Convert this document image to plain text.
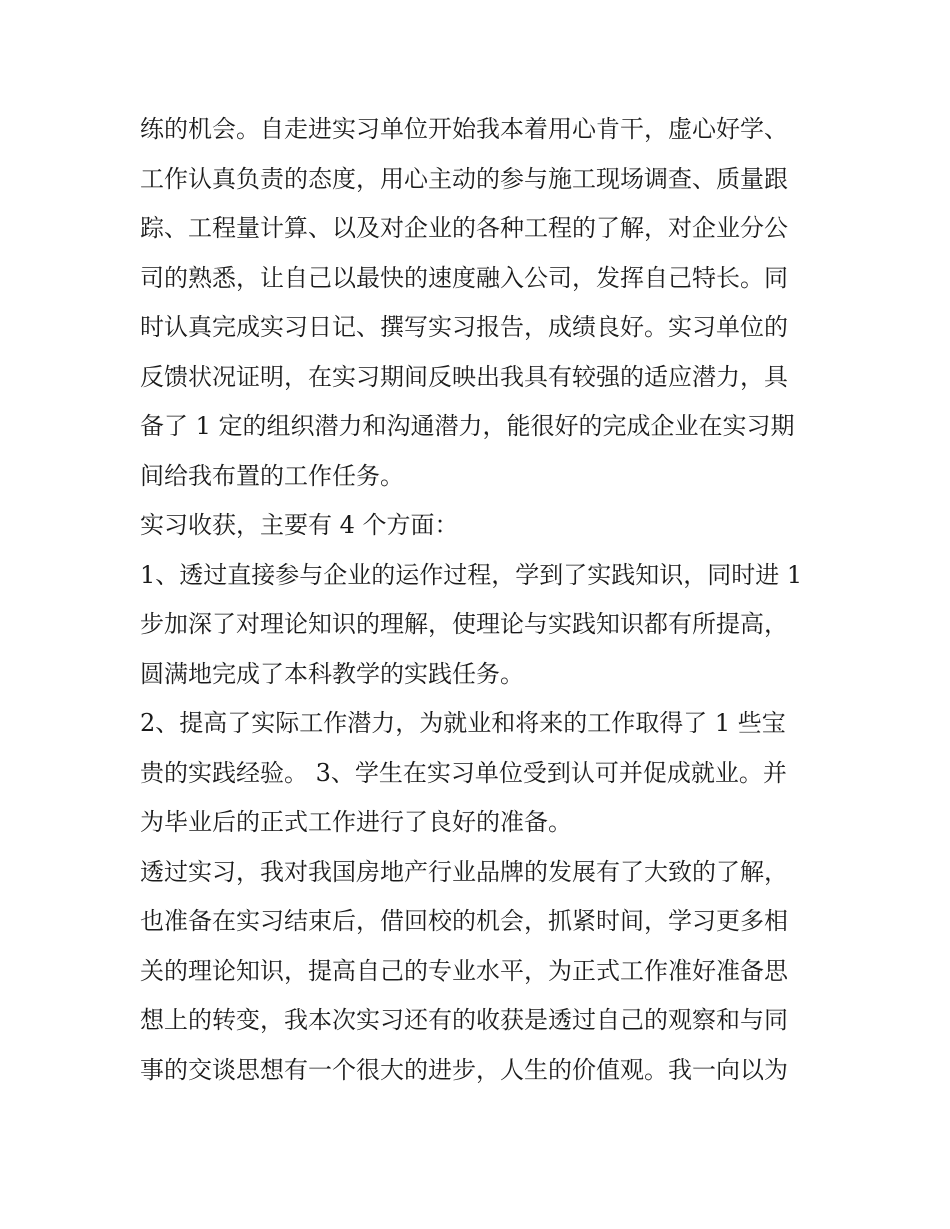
练的机会。自走进实习单位开始我本着用心肯干，虚心好学、
工作认真负责的态度，用心主动的参与施工现场调查、质量跟
踪、工程量计算、以及对企业的各种工程的了解，对企业分公
司的熟悉，让自己以最快的速度融入公司，发挥自己特长。同
时认真完成实习日记、撰写实习报告，成绩良好。实习单位的
反馈状况证明，在实习期间反映出我具有较强的适应潜力，具
备了 1 定的组织潜力和沟通潜力，能很好的完成企业在实习期
间给我布置的工作任务。
实习收获，主要有 4 个方面：
1、透过直接参与企业的运作过程，学到了实践知识，同时进 1
步加深了对理论知识的理解，使理论与实践知识都有所提高，
圆满地完成了本科教学的实践任务。
2、提高了实际工作潜力，为就业和将来的工作取得了 1 些宝
贵的实践经验。 3、学生在实习单位受到认可并促成就业。并
为毕业后的正式工作进行了良好的准备。
透过实习，我对我国房地产行业品牌的发展有了大致的了解，
也准备在实习结束后，借回校的机会，抓紧时间，学习更多相
关的理论知识，提高自己的专业水平，为正式工作准好准备思
想上的转变，我本次实习还有的收获是透过自己的观察和与同
事的交谈思想有一个很大的进步，人生的价值观。我一向以为
